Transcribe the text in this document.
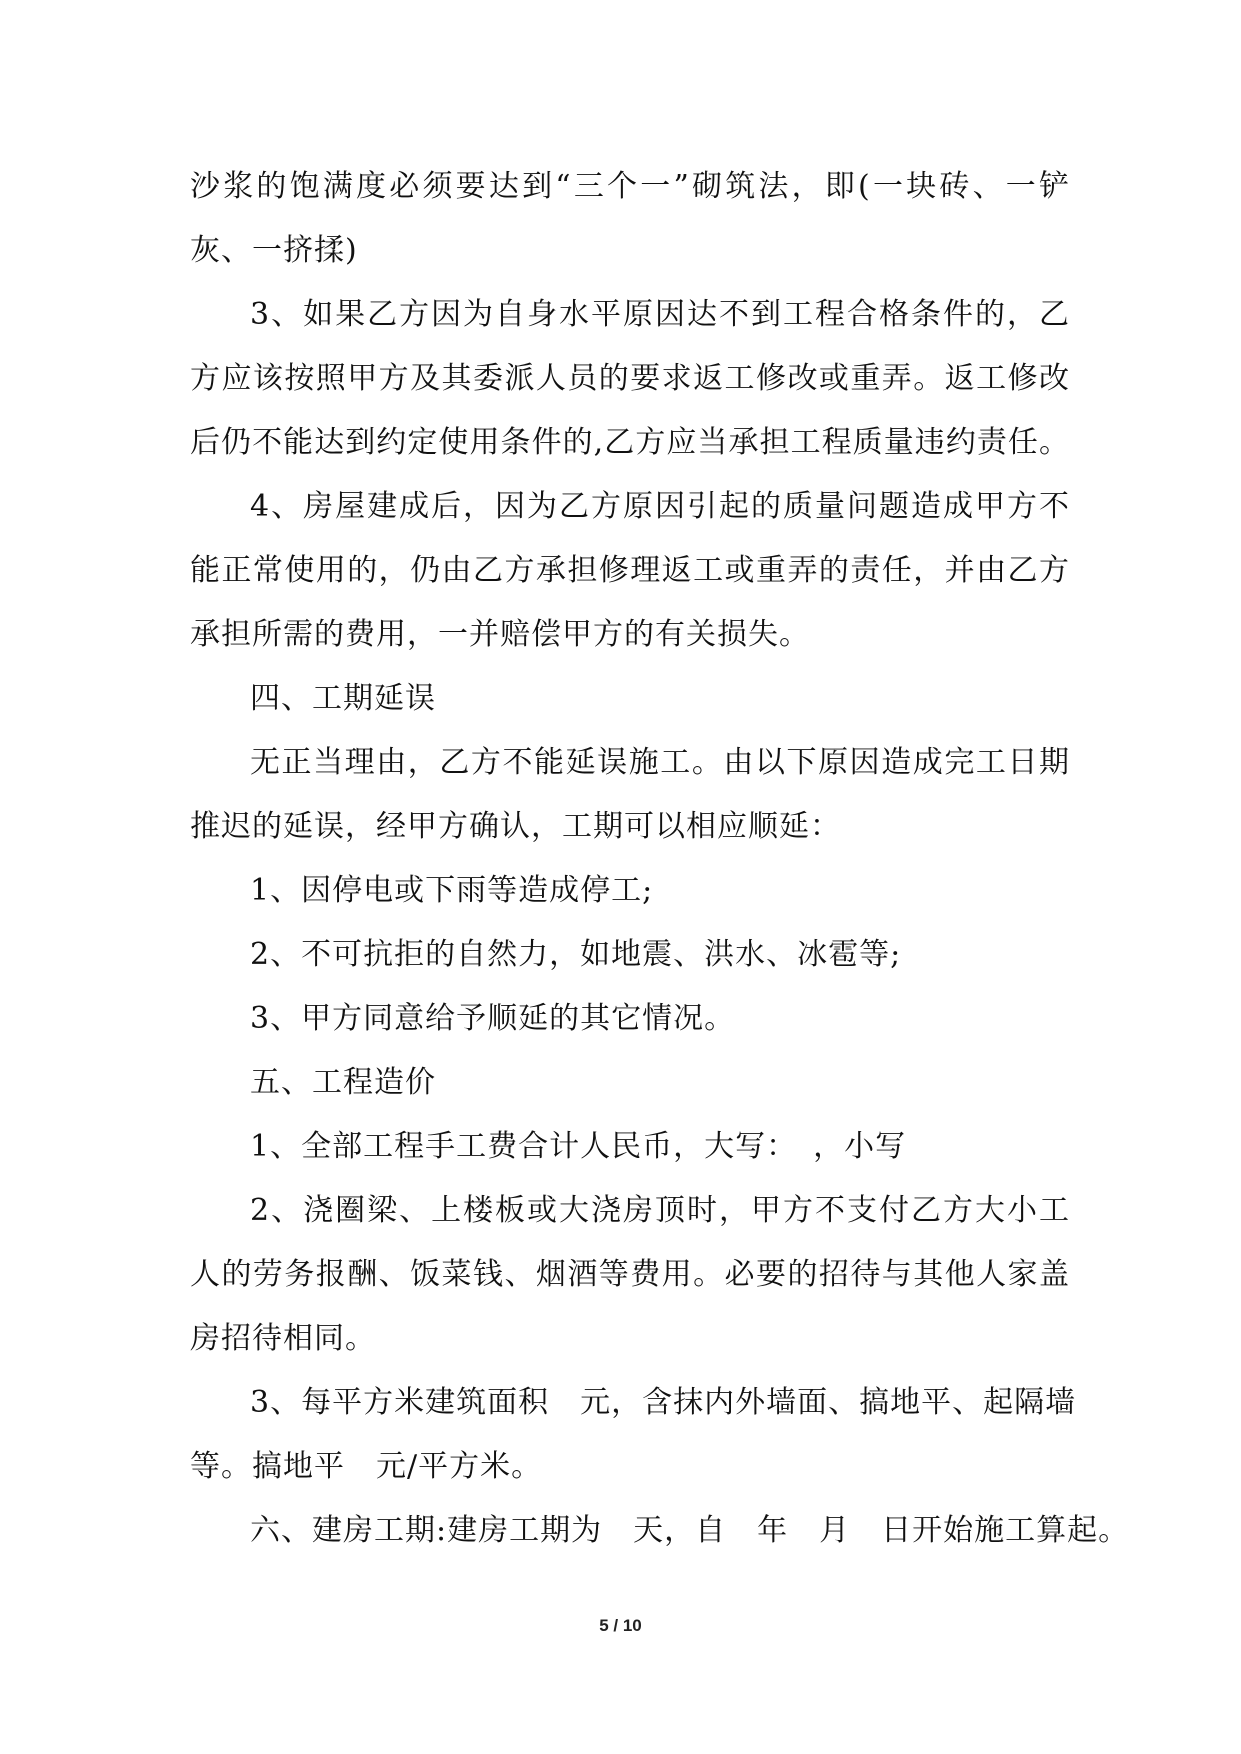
沙浆的饱满度必须要达到“三个一”砌筑法，即(一块砖、一铲
灰、一挤揉)
3、如果乙方因为自身水平原因达不到工程合格条件的，乙
方应该按照甲方及其委派人员的要求返工修改或重弄。返工修改
后仍不能达到约定使用条件的,乙方应当承担工程质量违约责任。
4、房屋建成后，因为乙方原因引起的质量问题造成甲方不
能正常使用的，仍由乙方承担修理返工或重弄的责任，并由乙方
承担所需的费用，一并赔偿甲方的有关损失。
四、工期延误
无正当理由，乙方不能延误施工。由以下原因造成完工日期
推迟的延误，经甲方确认，工期可以相应顺延：
1、因停电或下雨等造成停工;
2、不可抗拒的自然力，如地震、洪水、冰雹等;
3、甲方同意给予顺延的其它情况。
五、工程造价
1、全部工程手工费合计人民币，大写：　，小写
2、浇圈梁、上楼板或大浇房顶时，甲方不支付乙方大小工
人的劳务报酬、饭菜钱、烟酒等费用。必要的招待与其他人家盖
房招待相同。
3、每平方米建筑面积　元，含抹内外墙面、搞地平、起隔墙
等。搞地平　元/平方米。
六、建房工期:建房工期为　天，自　年　月　日开始施工算起。
5 / 10
